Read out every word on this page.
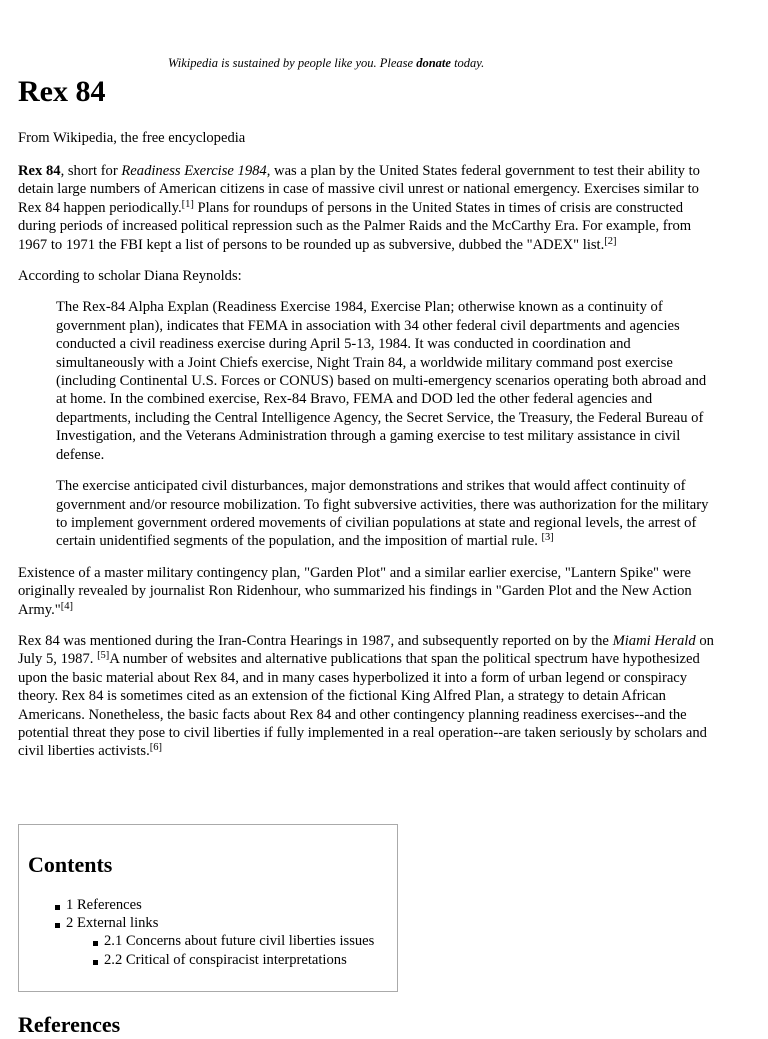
Wikipedia is sustained by people like you. Please donate today.
Rex 84

From Wikipedia, the free encyclopedia

Rex 84, short for Readiness Exercise 1984, was a plan by the United States federal government to test their ability to detain large numbers of American citizens in case of massive civil unrest or national emergency. Exercises similar to Rex 84 happen periodically.[1] Plans for roundups of persons in the United States in times of crisis are constructed during periods of increased political repression such as the Palmer Raids and the McCarthy Era. For example, from 1967 to 1971 the FBI kept a list of persons to be rounded up as subversive, dubbed the "ADEX" list.[2]

According to scholar Diana Reynolds:

The Rex-84 Alpha Explan (Readiness Exercise 1984, Exercise Plan; otherwise known as a continuity of government plan), indicates that FEMA in association with 34 other federal civil departments and agencies conducted a civil readiness exercise during April 5-13, 1984. It was conducted in coordination and simultaneously with a Joint Chiefs exercise, Night Train 84, a worldwide military command post exercise (including Continental U.S. Forces or CONUS) based on multi-emergency scenarios operating both abroad and at home. In the combined exercise, Rex-84 Bravo, FEMA and DOD led the other federal agencies and departments, including the Central Intelligence Agency, the Secret Service, the Treasury, the Federal Bureau of Investigation, and the Veterans Administration through a gaming exercise to test military assistance in civil defense.

The exercise anticipated civil disturbances, major demonstrations and strikes that would affect continuity of government and/or resource mobilization. To fight subversive activities, there was authorization for the military to implement government ordered movements of civilian populations at state and regional levels, the arrest of certain unidentified segments of the population, and the imposition of martial rule. [3]

Existence of a master military contingency plan, "Garden Plot" and a similar earlier exercise, "Lantern Spike" were originally revealed by journalist Ron Ridenhour, who summarized his findings in "Garden Plot and the New Action Army."[4]

Rex 84 was mentioned during the Iran-Contra Hearings in 1987, and subsequently reported on by the Miami Herald on July 5, 1987. [5]A number of websites and alternative publications that span the political spectrum have hypothesized upon the basic material about Rex 84, and in many cases hyperbolized it into a form of urban legend or conspiracy theory. Rex 84 is sometimes cited as an extension of the fictional King Alfred Plan, a strategy to detain African Americans. Nonetheless, the basic facts about Rex 84 and other contingency planning readiness exercises--and the potential threat they pose to civil liberties if fully implemented in a real operation--are taken seriously by scholars and civil liberties activists.[6]

Contents
1 References
2 External links
2.1 Concerns about future civil liberties issues
2.2 Critical of conspiracist interpretations
References
